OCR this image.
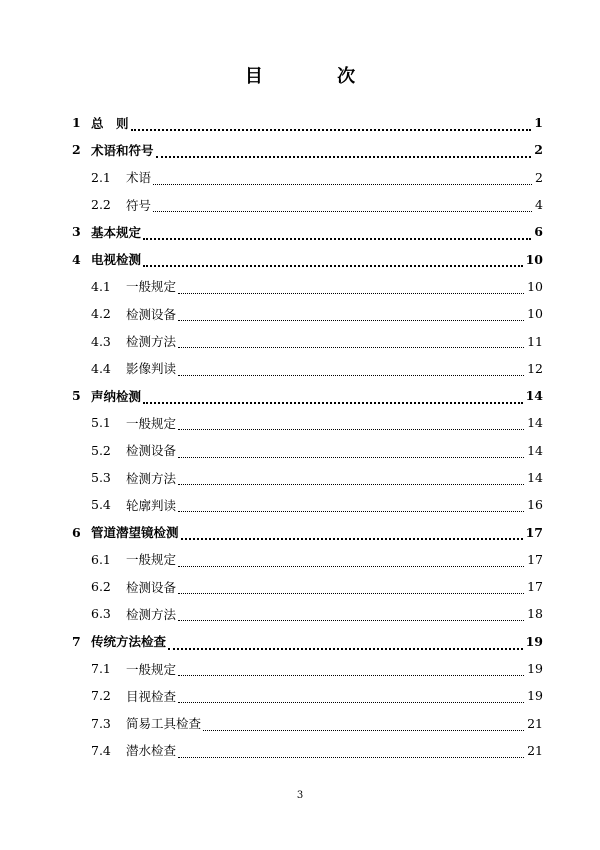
目 次
1 总　则	1
2 术语和符号	2
2.1 术语	2
2.2 符号	4
3 基本规定	6
4 电视检测	10
4.1 一般规定	10
4.2 检测设备	10
4.3 检测方法	11
4.4 影像判读	12
5 声纳检测	14
5.1 一般规定	14
5.2 检测设备	14
5.3 检测方法	14
5.4 轮廓判读	16
6 管道潜望镜检测	17
6.1 一般规定	17
6.2 检测设备	17
6.3 检测方法	18
7 传统方法检查	19
7.1 一般规定	19
7.2 目视检查	19
7.3 简易工具检查	21
7.4 潜水检查	21
3
